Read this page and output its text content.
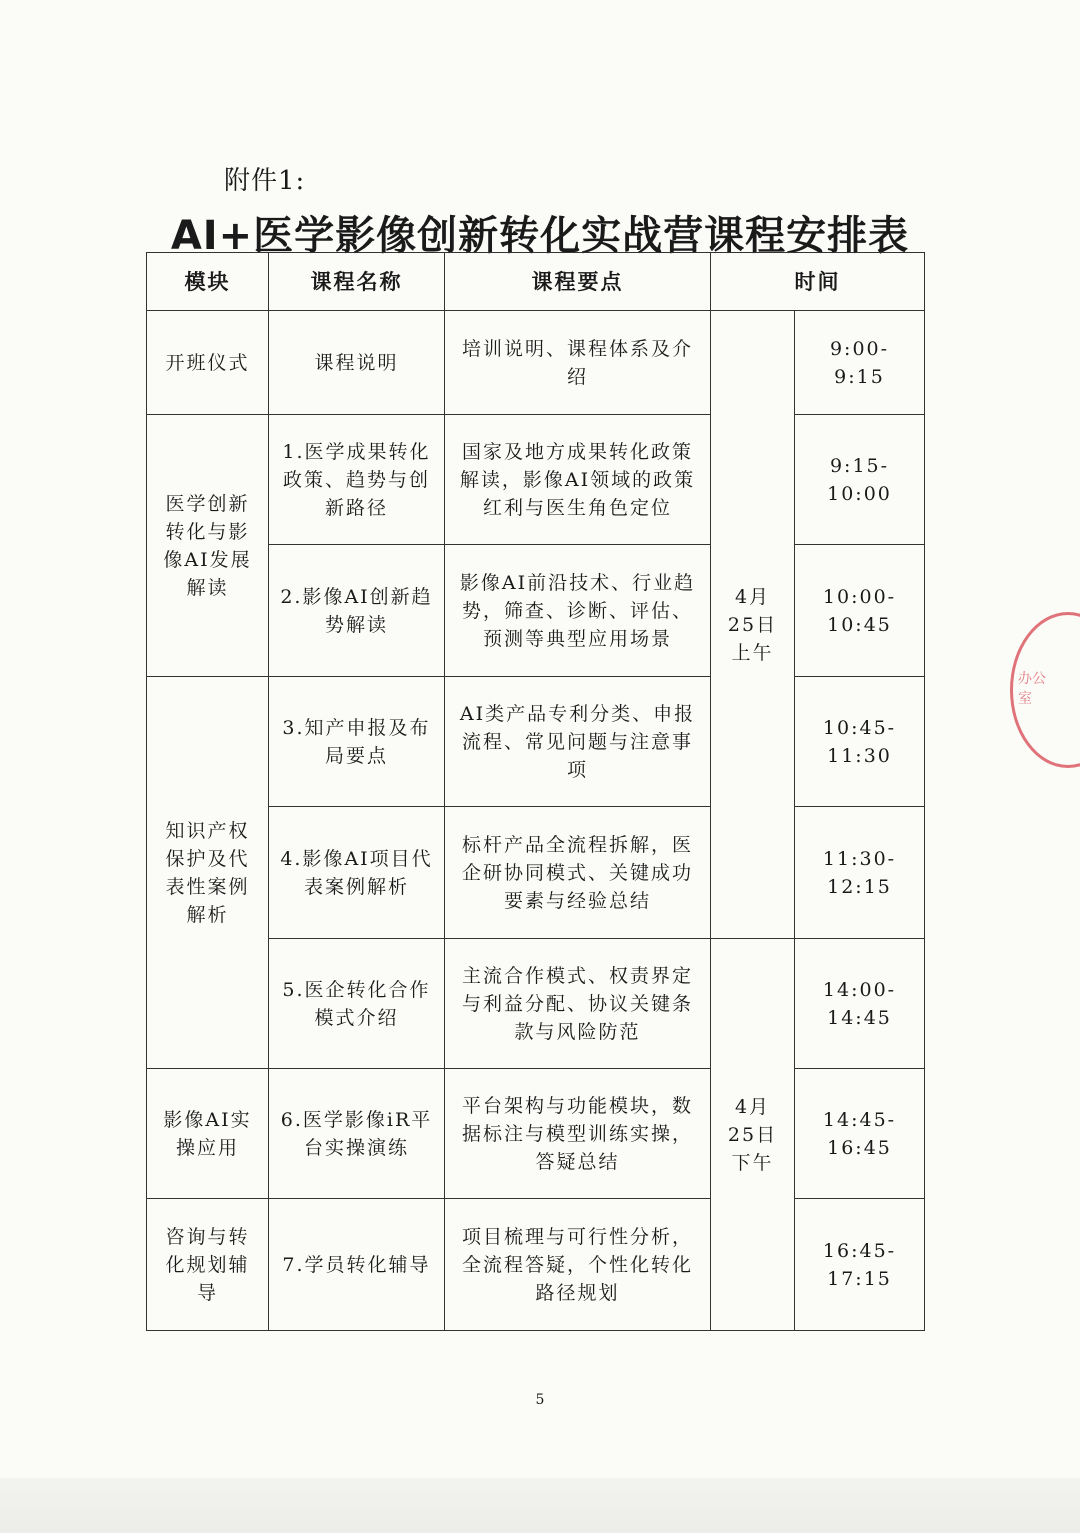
附件1:
AI+医学影像创新转化实战营课程安排表
模块	课程名称	课程要点	时间	
开班仪式	课程说明	培训说明、课程体系及介绍	4月25日上午	9:00-9:15
医学创新转化与影像AI发展解读	1.医学成果转化政策、趋势与创新路径	国家及地方成果转化政策解读，影像AI领域的政策红利与医生角色定位		9:15-10:00
	2.影像AI创新趋势解读	影像AI前沿技术、行业趋势，筛查、诊断、评估、预测等典型应用场景		10:00-10:45
知识产权保护及代表性案例解析	3.知产申报及布局要点	AI类产品专利分类、申报流程、常见问题与注意事项		10:45-11:30
	4.影像AI项目代表案例解析	标杆产品全流程拆解，医企研协同模式、关键成功要素与经验总结		11:30-12:15
	5.医企转化合作模式介绍	主流合作模式、权责界定与利益分配、协议关键条款与风险防范	4月25日下午	14:00-14:45
影像AI实操应用	6.医学影像iR平台实操演练	平台架构与功能模块，数据标注与模型训练实操，答疑总结		14:45-16:45
咨询与转化规划辅导	7.学员转化辅导	项目梳理与可行性分析，全流程答疑，个性化转化路径规划		16:45-17:15
办公室
5
